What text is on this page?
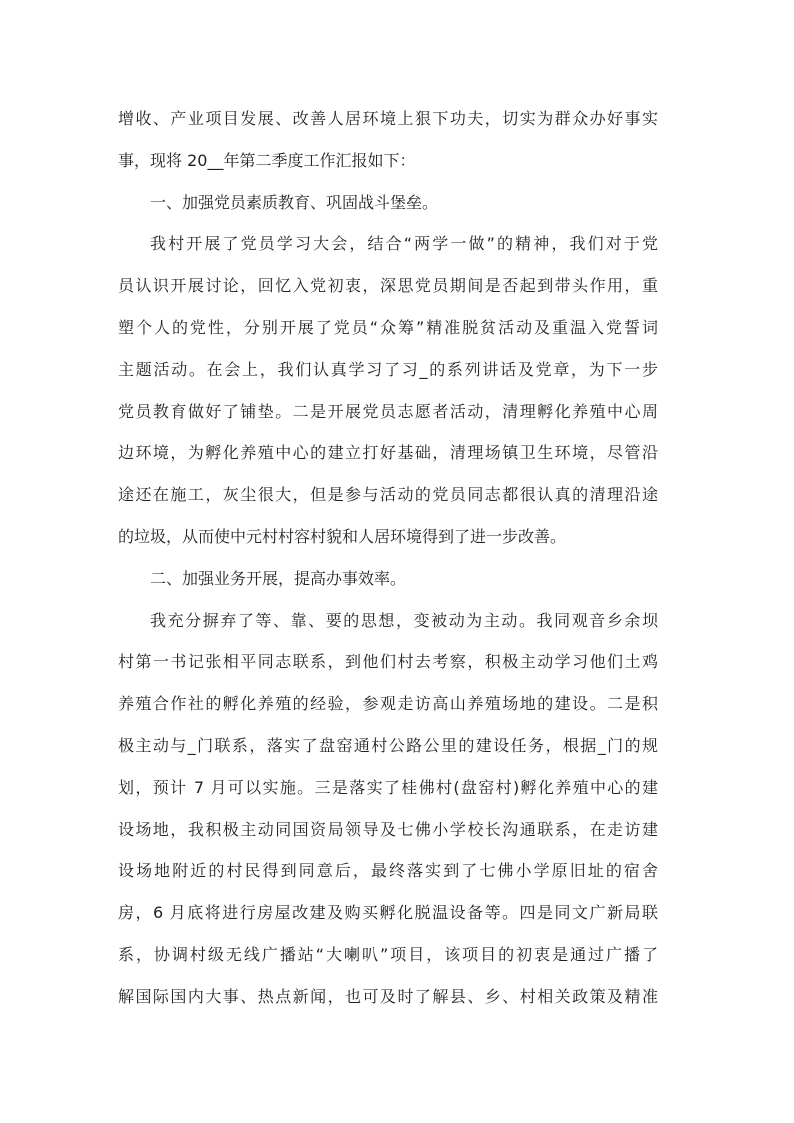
增收、产业项目发展、改善人居环境上狠下功夫，切实为群众办好事实
事，现将 20__年第二季度工作汇报如下：
一、加强党员素质教育、巩固战斗堡垒。
我村开展了党员学习大会，结合“两学一做”的精神，我们对于党
员认识开展讨论，回忆入党初衷，深思党员期间是否起到带头作用，重
塑个人的党性，分别开展了党员“众筹”精准脱贫活动及重温入党誓词
主题活动。在会上，我们认真学习了习_的系列讲话及党章，为下一步
党员教育做好了铺垫。二是开展党员志愿者活动，清理孵化养殖中心周
边环境，为孵化养殖中心的建立打好基础，清理场镇卫生环境，尽管沿
途还在施工，灰尘很大，但是参与活动的党员同志都很认真的清理沿途
的垃圾，从而使中元村村容村貌和人居环境得到了进一步改善。
二、加强业务开展，提高办事效率。
我充分摒弃了等、靠、要的思想，变被动为主动。我同观音乡余坝
村第一书记张相平同志联系，到他们村去考察，积极主动学习他们土鸡
养殖合作社的孵化养殖的经验，参观走访高山养殖场地的建设。二是积
极主动与_门联系，落实了盘窑通村公路公里的建设任务，根据_门的规
划，预计 7 月可以实施。三是落实了桂佛村(盘窑村)孵化养殖中心的建
设场地，我积极主动同国资局领导及七佛小学校长沟通联系，在走访建
设场地附近的村民得到同意后，最终落实到了七佛小学原旧址的宿舍
房，6 月底将进行房屋改建及购买孵化脱温设备等。四是同文广新局联
系，协调村级无线广播站“大喇叭”项目，该项目的初衷是通过广播了
解国际国内大事、热点新闻，也可及时了解县、乡、村相关政策及精准
